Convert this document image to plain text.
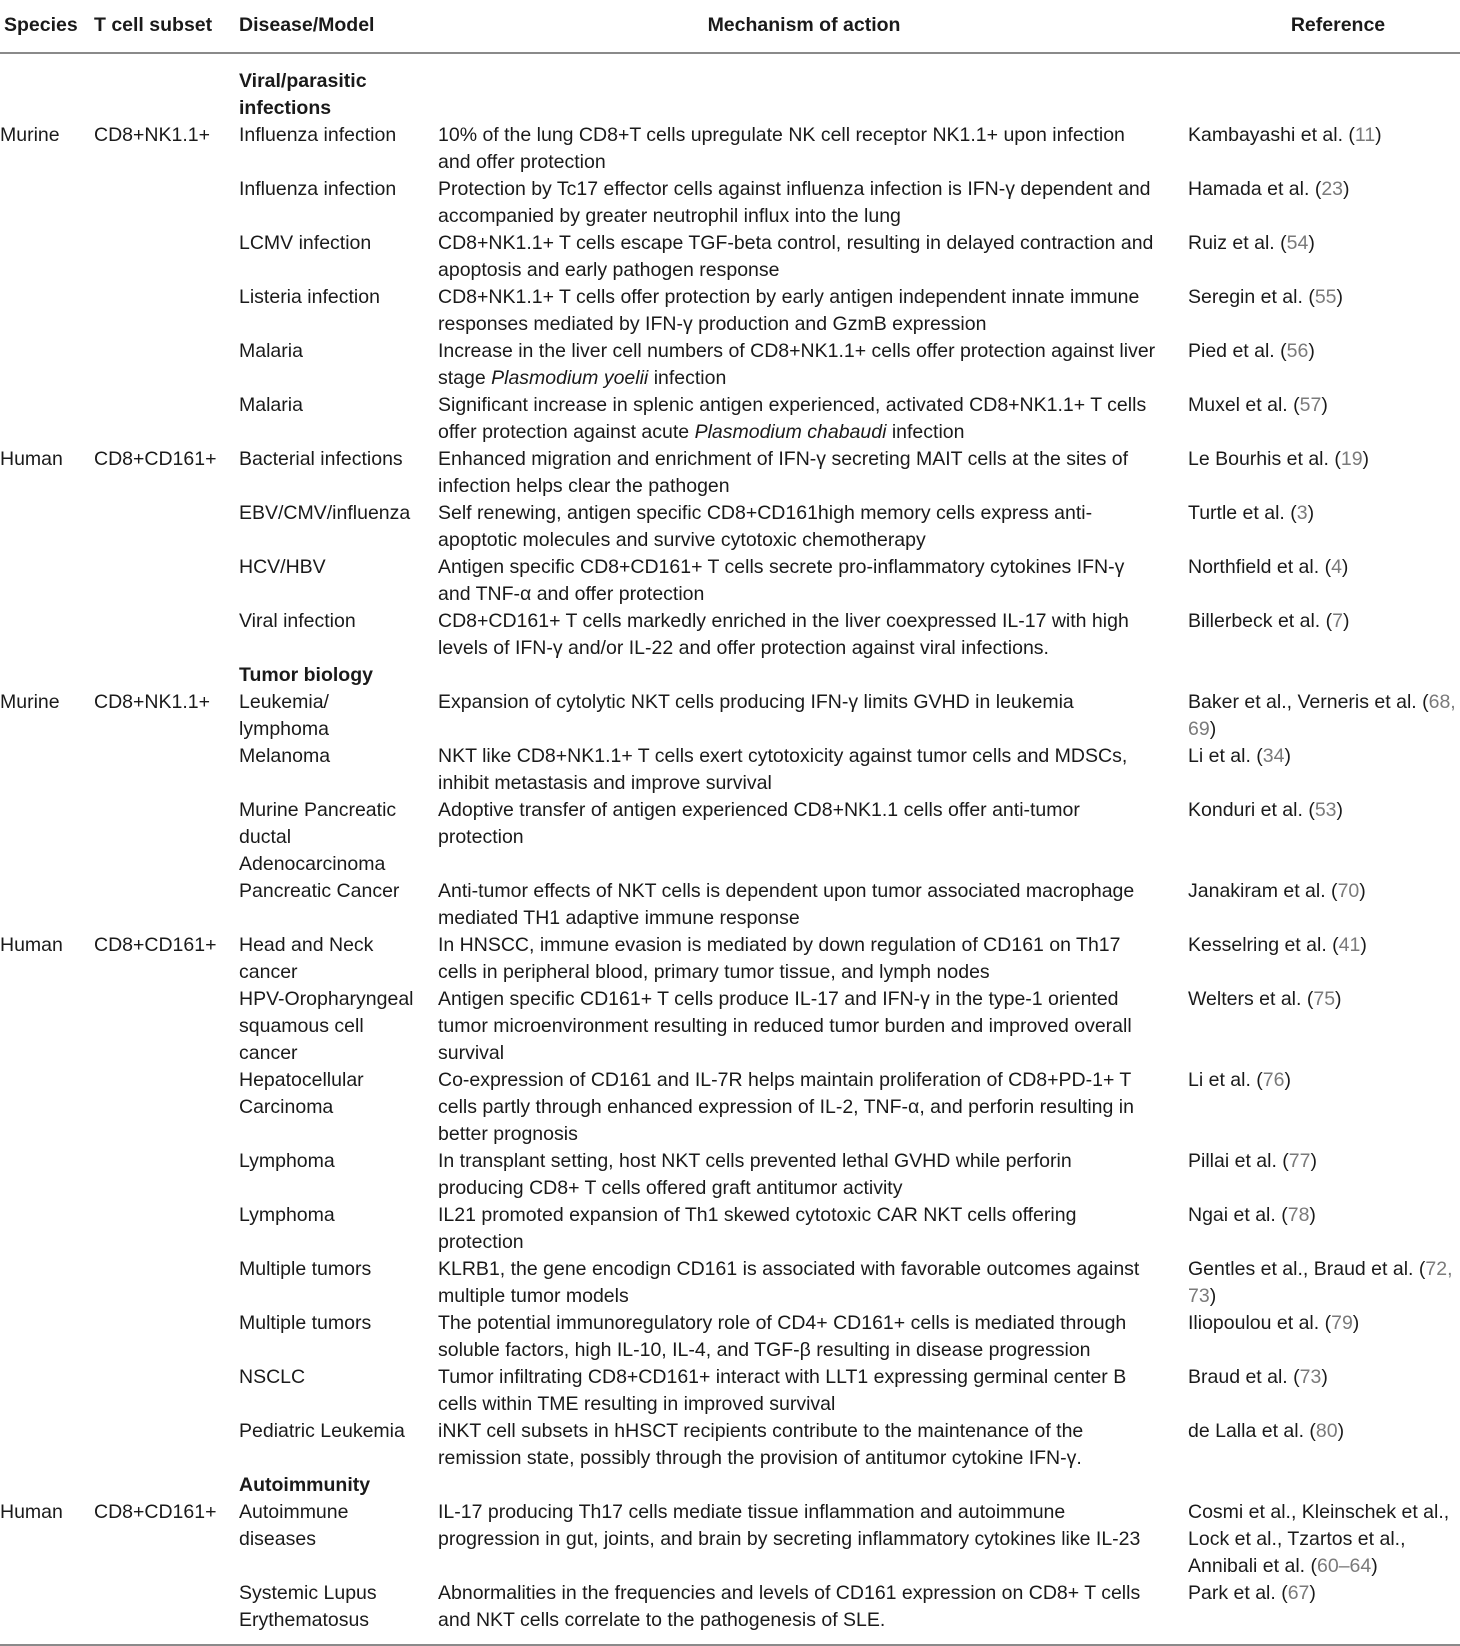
Species	T cell subset	Disease/Model	Mechanism of action	Reference
		Viral/parasitic infections		
Murine	CD8+NK1.1+	Influenza infection	10% of the lung CD8+T cells upregulate NK cell receptor NK1.1+ upon infection and offer protection	Kambayashi et al. (11)
		Influenza infection	Protection by Tc17 effector cells against influenza infection is IFN-γ dependent and accompanied by greater neutrophil influx into the lung	Hamada et al. (23)
		LCMV infection	CD8+NK1.1+ T cells escape TGF-beta control, resulting in delayed contraction and apoptosis and early pathogen response	Ruiz et al. (54)
		Listeria infection	CD8+NK1.1+ T cells offer protection by early antigen independent innate immune responses mediated by IFN-γ production and GzmB expression	Seregin et al. (55)
		Malaria	Increase in the liver cell numbers of CD8+NK1.1+ cells offer protection against liver stage Plasmodium yoelii infection	Pied et al. (56)
		Malaria	Significant increase in splenic antigen experienced, activated CD8+NK1.1+ T cells offer protection against acute Plasmodium chabaudi infection	Muxel et al. (57)
Human	CD8+CD161+	Bacterial infections	Enhanced migration and enrichment of IFN-γ secreting MAIT cells at the sites of infection helps clear the pathogen	Le Bourhis et al. (19)
		EBV/CMV/influenza	Self renewing, antigen specific CD8+CD161high memory cells express anti-apoptotic molecules and survive cytotoxic chemotherapy	Turtle et al. (3)
		HCV/HBV	Antigen specific CD8+CD161+ T cells secrete pro-inflammatory cytokines IFN-γ and TNF-α and offer protection	Northfield et al. (4)
		Viral infection	CD8+CD161+ T cells markedly enriched in the liver coexpressed IL-17 with high levels of IFN-γ and/or IL-22 and offer protection against viral infections.	Billerbeck et al. (7)
		Tumor biology		
Murine	CD8+NK1.1+	Leukemia/ lymphoma	Expansion of cytolytic NKT cells producing IFN-γ limits GVHD in leukemia	Baker et al., Verneris et al. (68, 69)
		Melanoma	NKT like CD8+NK1.1+ T cells exert cytotoxicity against tumor cells and MDSCs, inhibit metastasis and improve survival	Li et al. (34)
		Murine Pancreatic ductal Adenocarcinoma	Adoptive transfer of antigen experienced CD8+NK1.1 cells offer anti-tumor protection	Konduri et al. (53)
		Pancreatic Cancer	Anti-tumor effects of NKT cells is dependent upon tumor associated macrophage mediated TH1 adaptive immune response	Janakiram et al. (70)
Human	CD8+CD161+	Head and Neck cancer	In HNSCC, immune evasion is mediated by down regulation of CD161 on Th17 cells in peripheral blood, primary tumor tissue, and lymph nodes	Kesselring et al. (41)
		HPV-Oropharyngeal squamous cell cancer	Antigen specific CD161+ T cells produce IL-17 and IFN-γ in the type-1 oriented tumor microenvironment resulting in reduced tumor burden and improved overall survival	Welters et al. (75)
		Hepatocellular Carcinoma	Co-expression of CD161 and IL-7R helps maintain proliferation of CD8+PD-1+ T cells partly through enhanced expression of IL-2, TNF-α, and perforin resulting in better prognosis	Li et al. (76)
		Lymphoma	In transplant setting, host NKT cells prevented lethal GVHD while perforin producing CD8+ T cells offered graft antitumor activity	Pillai et al. (77)
		Lymphoma	IL21 promoted expansion of Th1 skewed cytotoxic CAR NKT cells offering protection	Ngai et al. (78)
		Multiple tumors	KLRB1, the gene encodign CD161 is associated with favorable outcomes against multiple tumor models	Gentles et al., Braud et al. (72, 73)
		Multiple tumors	The potential immunoregulatory role of CD4+ CD161+ cells is mediated through soluble factors, high IL-10, IL-4, and TGF-β resulting in disease progression	Iliopoulou et al. (79)
		NSCLC	Tumor infiltrating CD8+CD161+ interact with LLT1 expressing germinal center B cells within TME resulting in improved survival	Braud et al. (73)
		Pediatric Leukemia	iNKT cell subsets in hHSCT recipients contribute to the maintenance of the remission state, possibly through the provision of antitumor cytokine IFN-γ.	de Lalla et al. (80)
		Autoimmunity		
Human	CD8+CD161+	Autoimmune diseases	IL-17 producing Th17 cells mediate tissue inflammation and autoimmune progression in gut, joints, and brain by secreting inflammatory cytokines like IL-23	Cosmi et al., Kleinschek et al., Lock et al., Tzartos et al., Annibali et al. (60–64)
		Systemic Lupus Erythematosus	Abnormalities in the frequencies and levels of CD161 expression on CD8+ T cells and NKT cells correlate to the pathogenesis of SLE.	Park et al. (67)
